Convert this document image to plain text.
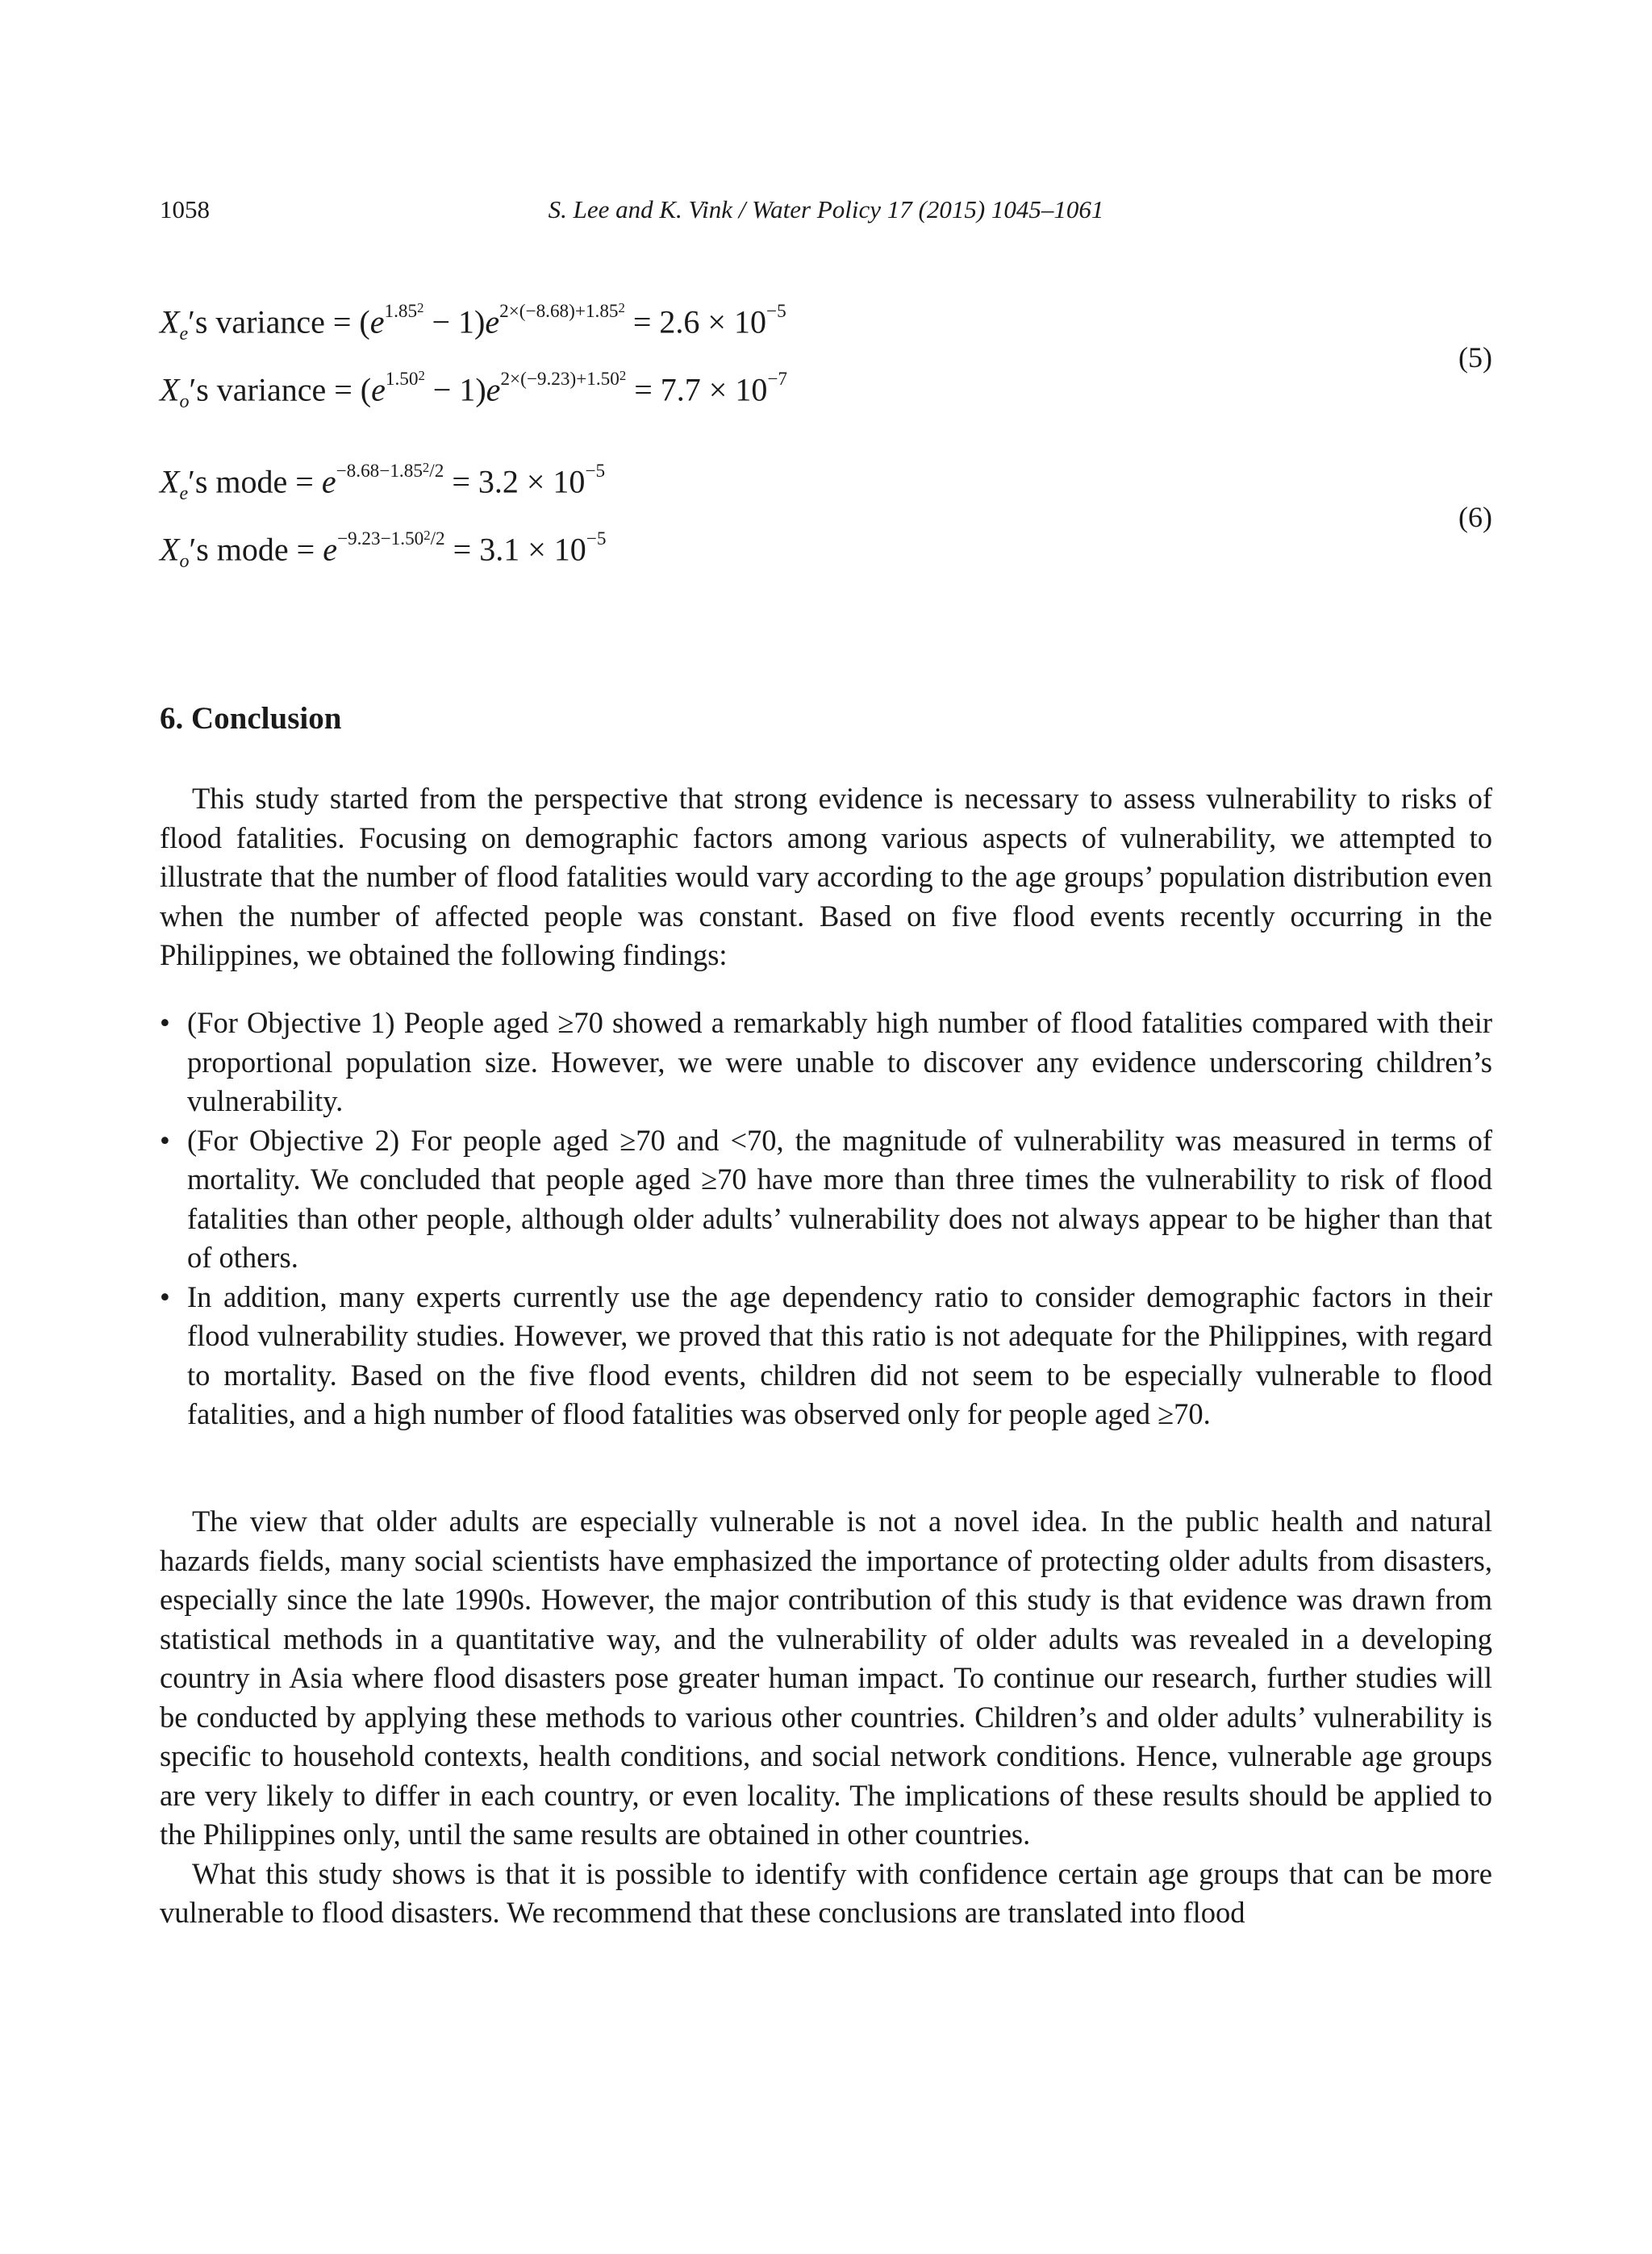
1058	S. Lee and K. Vink / Water Policy 17 (2015) 1045–1061
$X_e's$ variance = $(e^{1.85^2} - 1)e^{2\times(-8.68)+1.85^2} = 2.6 \times 10^{-5}$
$X_o's$ variance = $(e^{1.50^2} - 1)e^{2\times(-9.23)+1.50^2} = 7.7 \times 10^{-7}$
(5)
$X_e's$ mode = $e^{-8.68-1.85^2/2} = 3.2 \times 10^{-5}$
$X_o's$ mode = $e^{-9.23-1.50^2/2} = 3.1 \times 10^{-5}$
(6)
6. Conclusion

This study started from the perspective that strong evidence is necessary to assess vulnerability to risks of flood fatalities. Focusing on demographic factors among various aspects of vulnerability, we attempted to illustrate that the number of flood fatalities would vary according to the age groups’ population distribution even when the number of affected people was constant. Based on five flood events recently occurring in the Philippines, we obtained the following findings:

• (For Objective 1) People aged ≥70 showed a remarkably high number of flood fatalities compared with their proportional population size. However, we were unable to discover any evidence underscoring children’s vulnerability.
• (For Objective 2) For people aged ≥70 and <70, the magnitude of vulnerability was measured in terms of mortality. We concluded that people aged ≥70 have more than three times the vulnerability to risk of flood fatalities than other people, although older adults’ vulnerability does not always appear to be higher than that of others.
• In addition, many experts currently use the age dependency ratio to consider demographic factors in their flood vulnerability studies. However, we proved that this ratio is not adequate for the Philippines, with regard to mortality. Based on the five flood events, children did not seem to be especially vulnerable to flood fatalities, and a high number of flood fatalities was observed only for people aged ≥70.

The view that older adults are especially vulnerable is not a novel idea. In the public health and natural hazards fields, many social scientists have emphasized the importance of protecting older adults from disasters, especially since the late 1990s. However, the major contribution of this study is that evidence was drawn from statistical methods in a quantitative way, and the vulnerability of older adults was revealed in a developing country in Asia where flood disasters pose greater human impact. To continue our research, further studies will be conducted by applying these methods to various other countries. Children’s and older adults’ vulnerability is specific to household contexts, health conditions, and social network conditions. Hence, vulnerable age groups are very likely to differ in each country, or even locality. The implications of these results should be applied to the Philippines only, until the same results are obtained in other countries.

What this study shows is that it is possible to identify with confidence certain age groups that can be more vulnerable to flood disasters. We recommend that these conclusions are translated into flood
